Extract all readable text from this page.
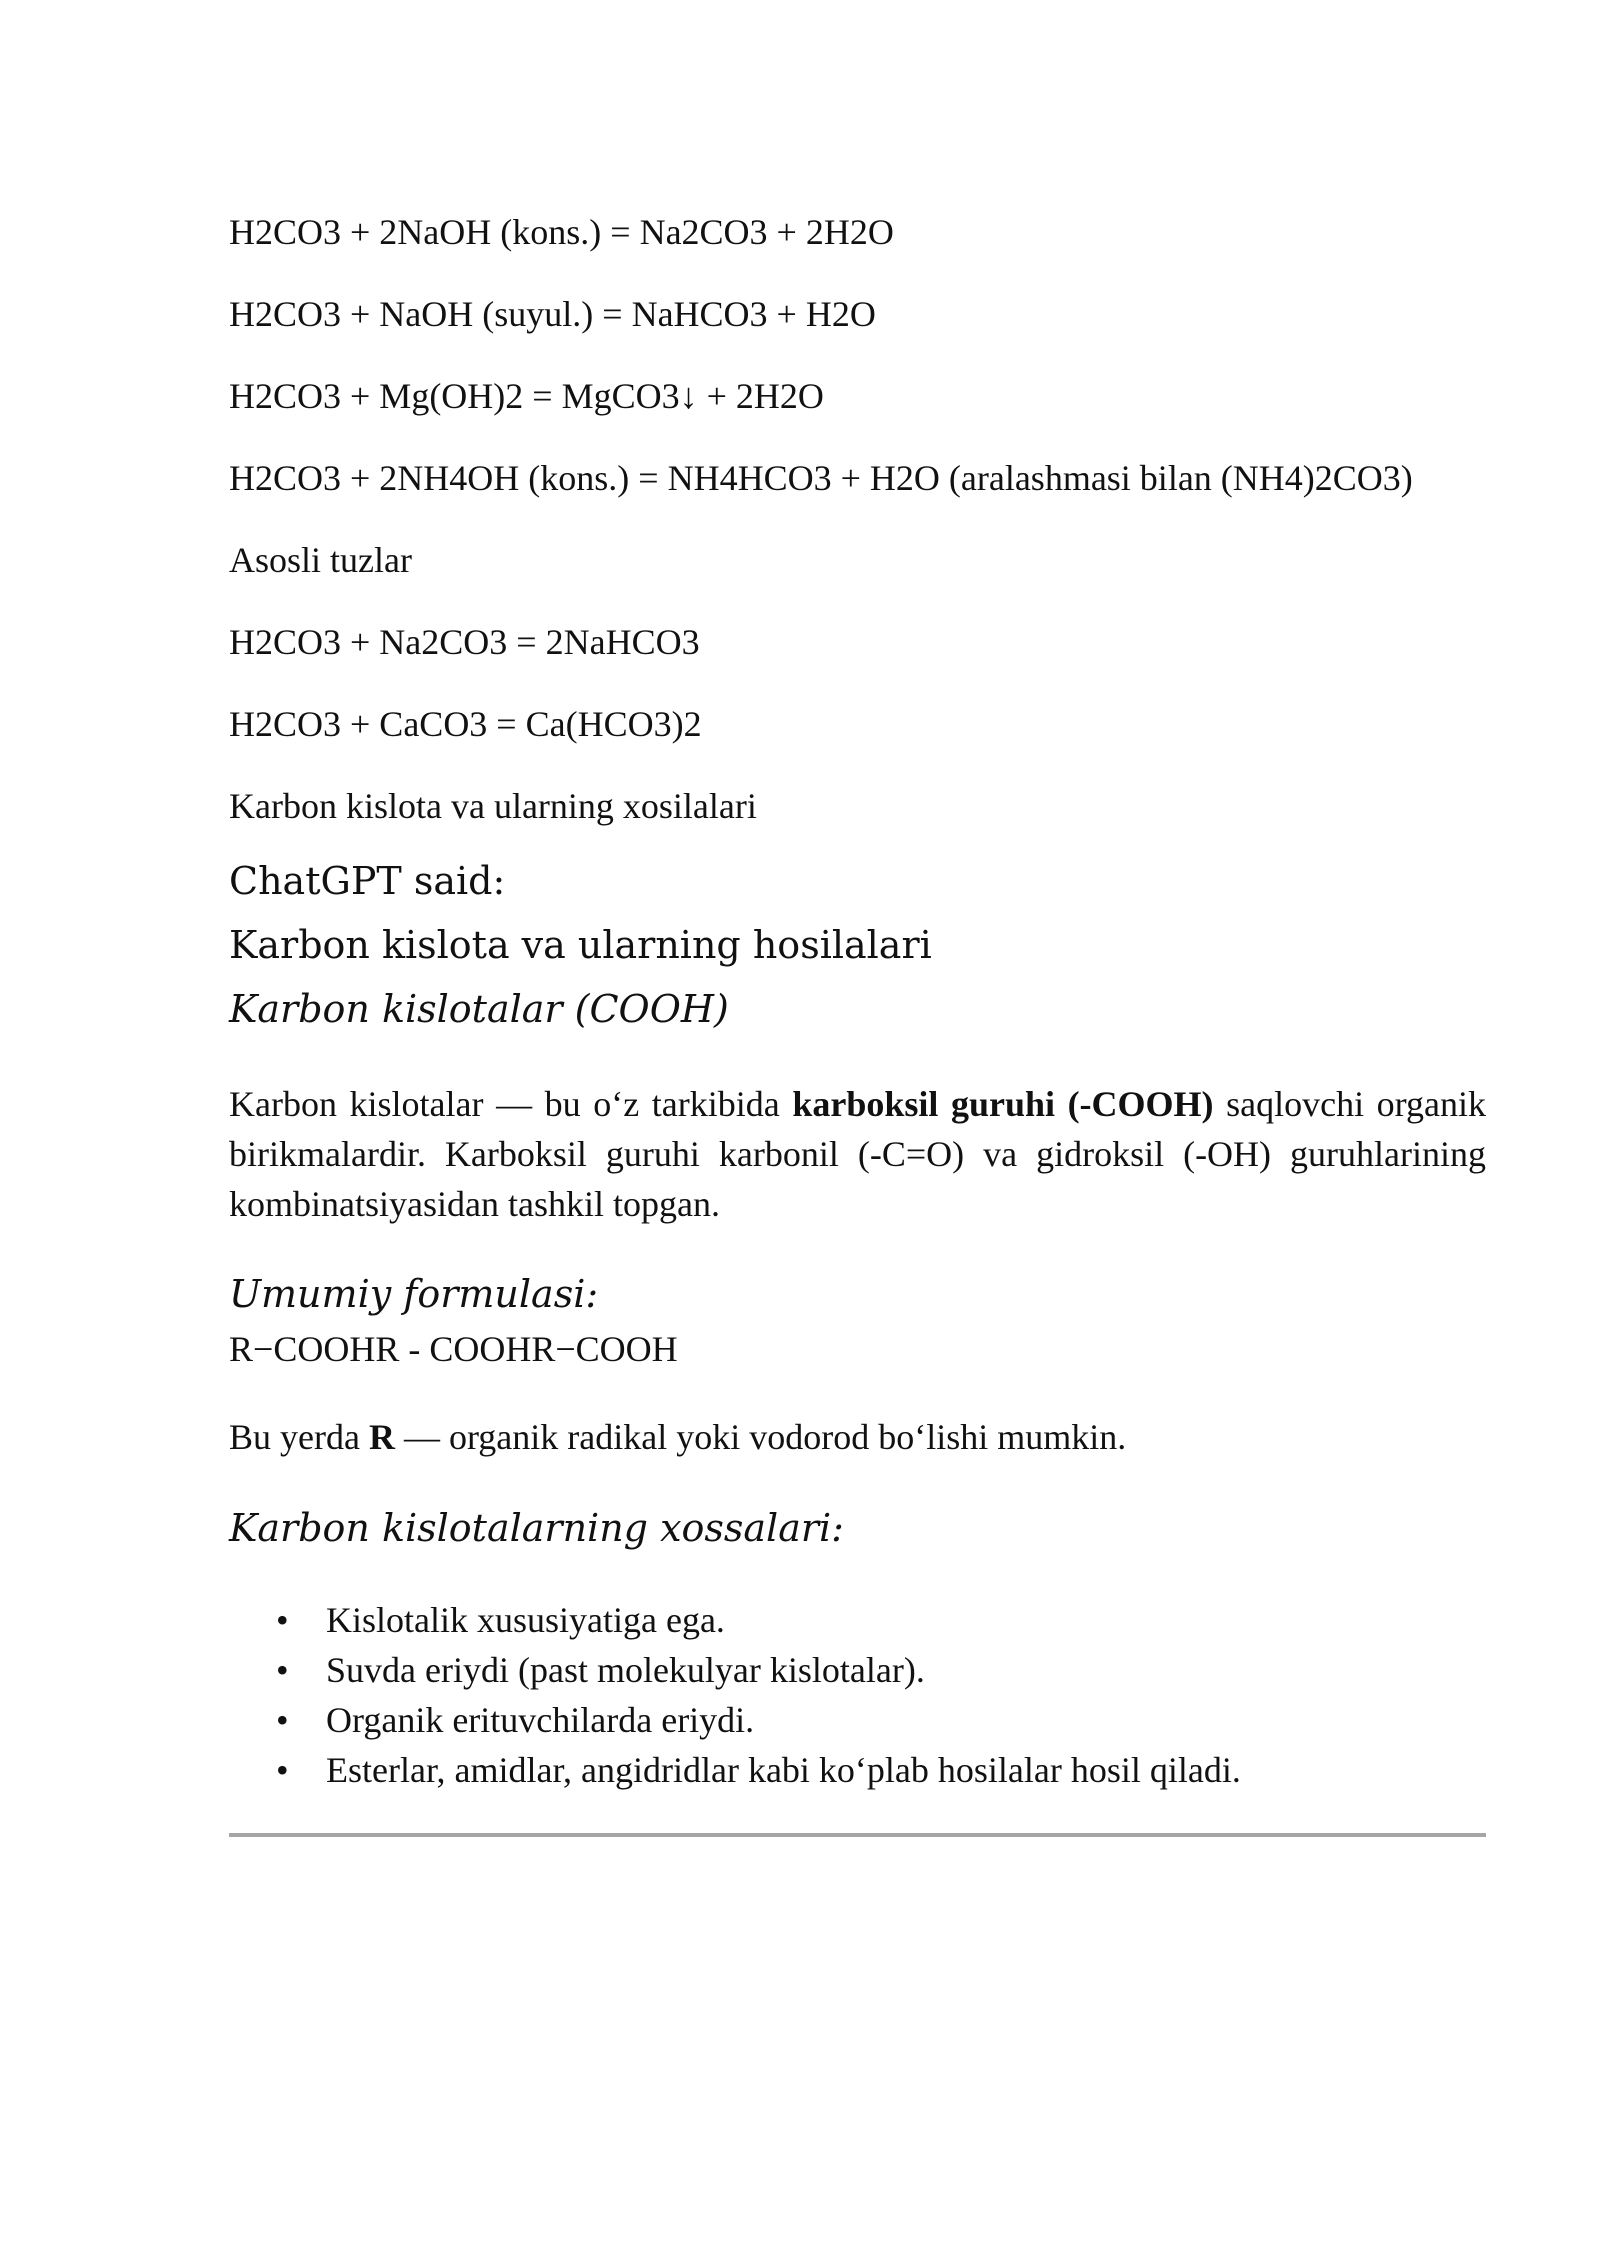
H2CO3 + 2NaOH (kons.) = Na2CO3 + 2H2O
H2CO3 + NaOH (suyul.) = NaHCO3 + H2O
H2CO3 + Mg(OH)2 = MgCO3↓ + 2H2O
H2CO3 + 2NH4OH (kons.) = NH4HCO3 + H2O (aralashmasi bilan (NH4)2CO3)
Asosli tuzlar
H2CO3 + Na2CO3 = 2NaHCO3
H2CO3 + CaCO3 = Ca(HCO3)2
Karbon kislota va ularning xosilalari
ChatGPT said:
Karbon kislota va ularning hosilalari
Karbon kislotalar (COOH)
Karbon kislotalar — bu o‘z tarkibida karboksil guruhi (-COOH) saqlovchi organik birikmalardir. Karboksil guruhi karbonil (-C=O) va gidroksil (-OH) guruhlarining kombinatsiyasidan tashkil topgan.
Umumiy formulasi:
R−COOHR - COOHR−COOH
Bu yerda R — organik radikal yoki vodorod bo‘lishi mumkin.
Karbon kislotalarning xossalari:
• Kislotalik xususiyatiga ega.
• Suvda eriydi (past molekulyar kislotalar).
• Organik erituvchilarda eriydi.
• Esterlar, amidlar, angidridlar kabi ko‘plab hosilalar hosil qiladi.
